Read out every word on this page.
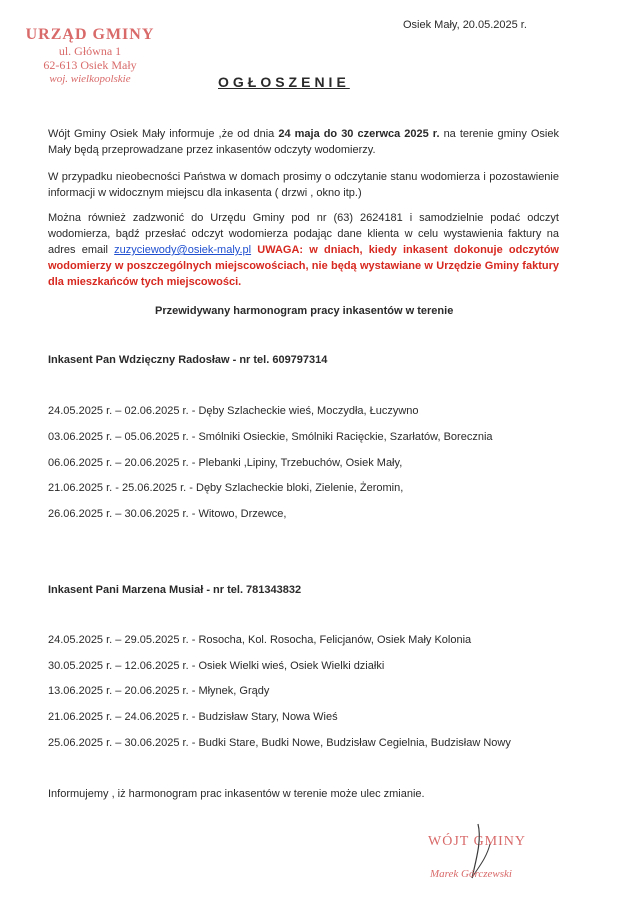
URZĄD GMINY
ul. Główna 1
62-613 Osiek Mały
woj. wielkopolskie
Osiek Mały, 20.05.2025 r.
OGŁOSZENIE
Wójt Gminy Osiek Mały informuje ,że od dnia 24 maja do 30 czerwca 2025 r. na terenie gminy Osiek Mały będą przeprowadzane przez inkasentów odczyty wodomierzy.
W przypadku nieobecności Państwa w domach prosimy o odczytanie stanu wodomierza i pozostawienie informacji w widocznym miejscu dla inkasenta ( drzwi , okno itp.)
Można również zadzwonić do Urzędu Gminy pod nr (63) 2624181 i samodzielnie podać odczyt wodomierza, bądź przesłać odczyt wodomierza podając dane klienta w celu wystawienia faktury na adres email zuzyciewody@osiek-maly.pl UWAGA: w dniach, kiedy inkasent dokonuje odczytów wodomierzy w poszczególnych miejscowościach, nie będą wystawiane w Urzędzie Gminy faktury dla mieszkańców tych miejscowości.
Przewidywany harmonogram pracy inkasentów w terenie
Inkasent Pan Wdzięczny Radosław - nr tel. 609797314
24.05.2025 r. – 02.06.2025 r. - Dęby Szlacheckie wieś, Moczydła, Łuczywno
03.06.2025 r. – 05.06.2025 r. - Smólniki Osieckie, Smólniki Racięckie, Szarłatów, Borecznia
06.06.2025 r. – 20.06.2025 r. - Plebanki ,Lipiny, Trzebuchów, Osiek Mały,
21.06.2025 r. - 25.06.2025 r. - Dęby Szlacheckie bloki, Zielenie, Żeromin,
26.06.2025 r. – 30.06.2025 r. - Witowo, Drzewce,
Inkasent Pani Marzena Musiał - nr tel. 781343832
24.05.2025 r. – 29.05.2025 r. - Rosocha, Kol. Rosocha, Felicjanów, Osiek Mały Kolonia
30.05.2025 r. – 12.06.2025 r. - Osiek Wielki wieś, Osiek Wielki działki
13.06.2025 r. – 20.06.2025 r. - Młynek, Grądy
21.06.2025 r. – 24.06.2025 r. - Budzisław Stary, Nowa Wieś
25.06.2025 r. – 30.06.2025 r. - Budki Stare, Budki Nowe, Budzisław Cegielnia, Budzisław Nowy
Informujemy , iż harmonogram prac inkasentów w terenie może ulec zmianie.
WÓJT GMINY
Marek Górczewski
